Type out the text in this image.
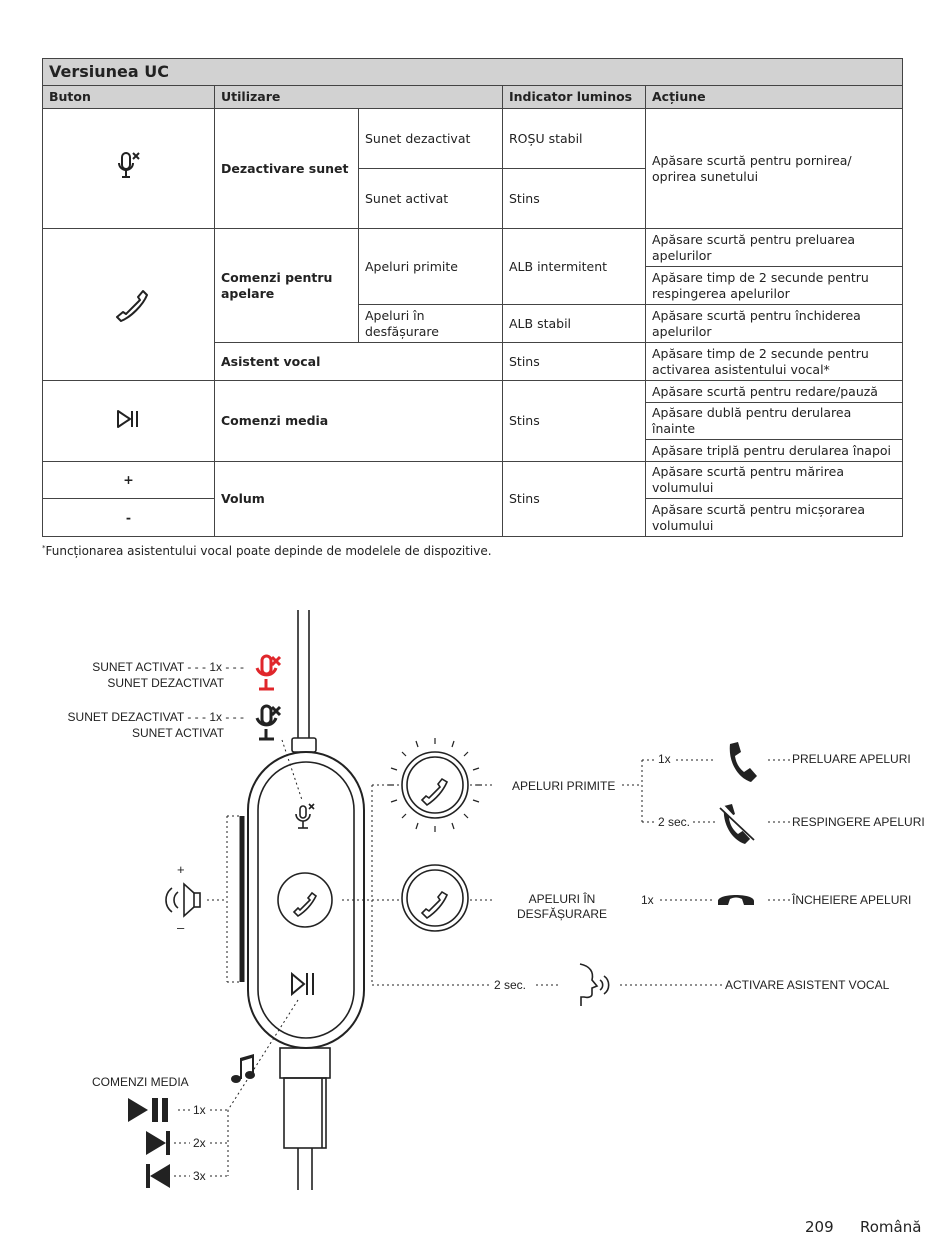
Versiunea UC				
Buton	Utilizare		Indicator luminos	Acțiune
	Dezactivare sunet	Sunet dezactivat	ROȘU stabil	Apăsare scurtă pentru pornirea/ oprirea sunetului
		Sunet activat	Stins	
	Comenzi pentru apelare	Apeluri primite	ALB intermitent	Apăsare scurtă pentru preluarea apelurilor
				Apăsare timp de 2 secunde pentru respingerea apelurilor
		Apeluri în desfășurare	ALB stabil	Apăsare scurtă pentru închiderea apelurilor
	Asistent vocal		Stins	Apăsare timp de 2 secunde pentru activarea asistentului vocal*
	Comenzi media		Stins	Apăsare scurtă pentru redare/pauză
				Apăsare dublă pentru derularea înainte
				Apăsare triplă pentru derularea înapoi
+	Volum		Stins	Apăsare scurtă pentru mărirea volumului
-				Apăsare scurtă pentru micșorarea volumului
*Funcționarea asistentului vocal poate depinde de modelele de dispozitive.
SUNET ACTIVAT - - - 1x - - -
SUNET DEZACTIVAT
SUNET DEZACTIVAT - - - 1x - - -
SUNET ACTIVAT
+
–
APELURI PRIMITE
1x	PRELUARE APELURI
2 sec.	RESPINGERE APELURI
APELURI ÎN
DESFĂȘURARE
1x	ÎNCHEIERE APELURI
2 sec.	ACTIVARE ASISTENT VOCAL
COMENZI MEDIA
1x
2x
3x
209 Română
